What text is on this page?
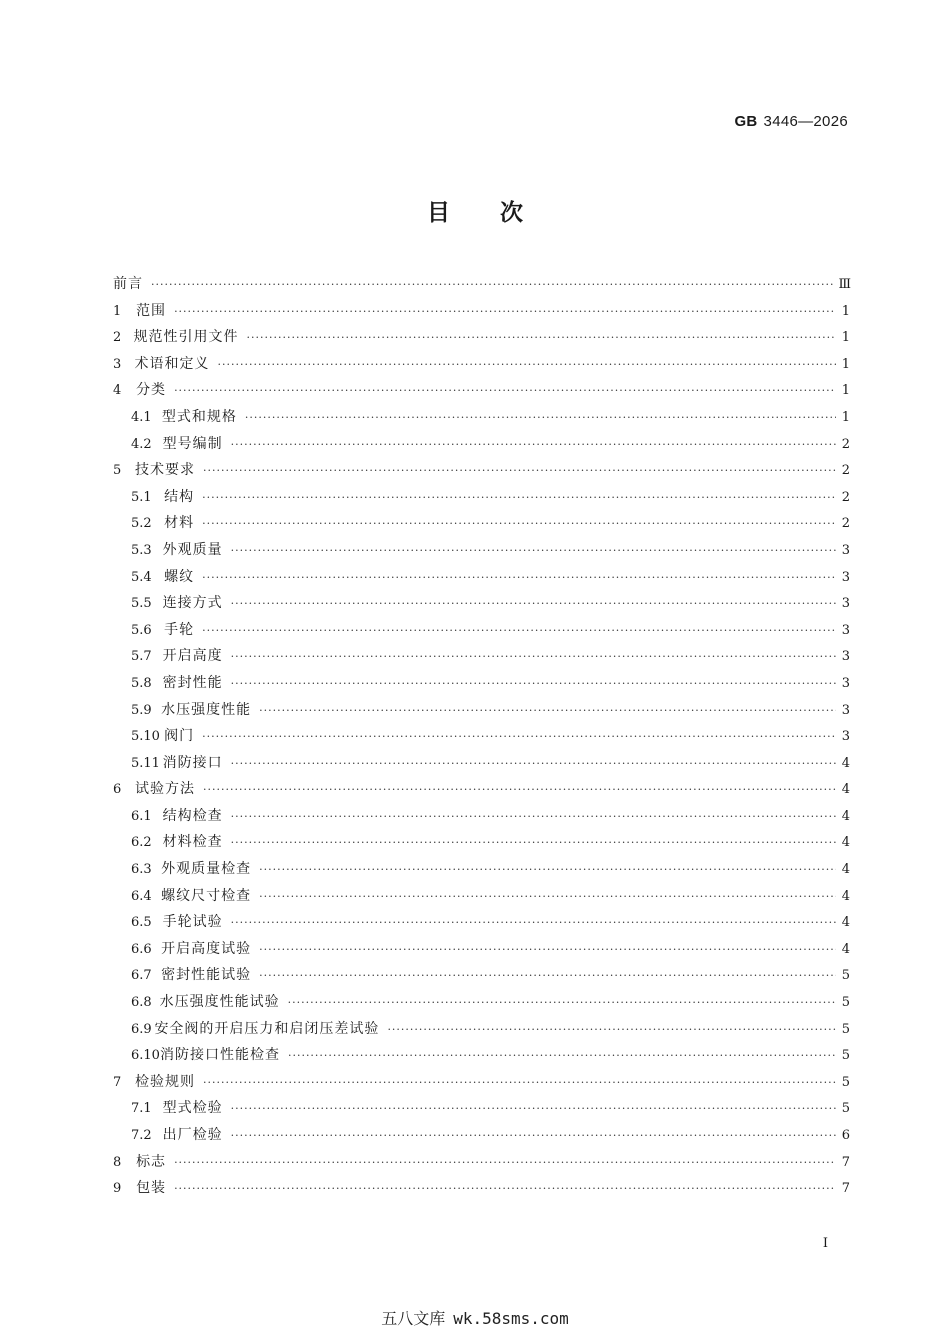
GB 3446—2026
目次
前言 ·····	Ⅲ
1	范围 ·····	1
2 规范性引用文件 ·····	1
3 术语和定义 ·····	1
4	分类 ·····	1
4.1 型式和规格 ·····	1
4.2 型号编制 ·····	2
5 技术要求 ·····	2
5.1 结构 ·····	2
5.2 材料 ·····	2
5.3 外观质量 ·····	3
5.4 螺纹 ·····	3
5.5 连接方式 ·····	3
5.6 手轮 ·····	3
5.7 开启高度 ·····	3
5.8 密封性能 ·····	3
5.9 水压强度性能 ·····	3
5.10 阀门 ·····	3
5.11 消防接口 ·····	4
6 试验方法 ·····	4
6.1 结构检查 ·····	4
6.2 材料检查 ·····	4
6.3 外观质量检查 ·····	4
6.4 螺纹尺寸检查 ·····	4
6.5 手轮试验 ·····	4
6.6 开启高度试验 ·····	4
6.7 密封性能试验 ·····	5
6.8 水压强度性能试验 ·····	5
6.9 安全阀的开启压力和启闭压差试验 ·····	5
6.10 消防接口性能检查 ·····	5
7 检验规则 ·····	5
7.1 型式检验 ·····	5
7.2 出厂检验 ·····	6
8	标志 ·····	7
9	包装 ·····	7
I
五八文库 wk.58sms.com
